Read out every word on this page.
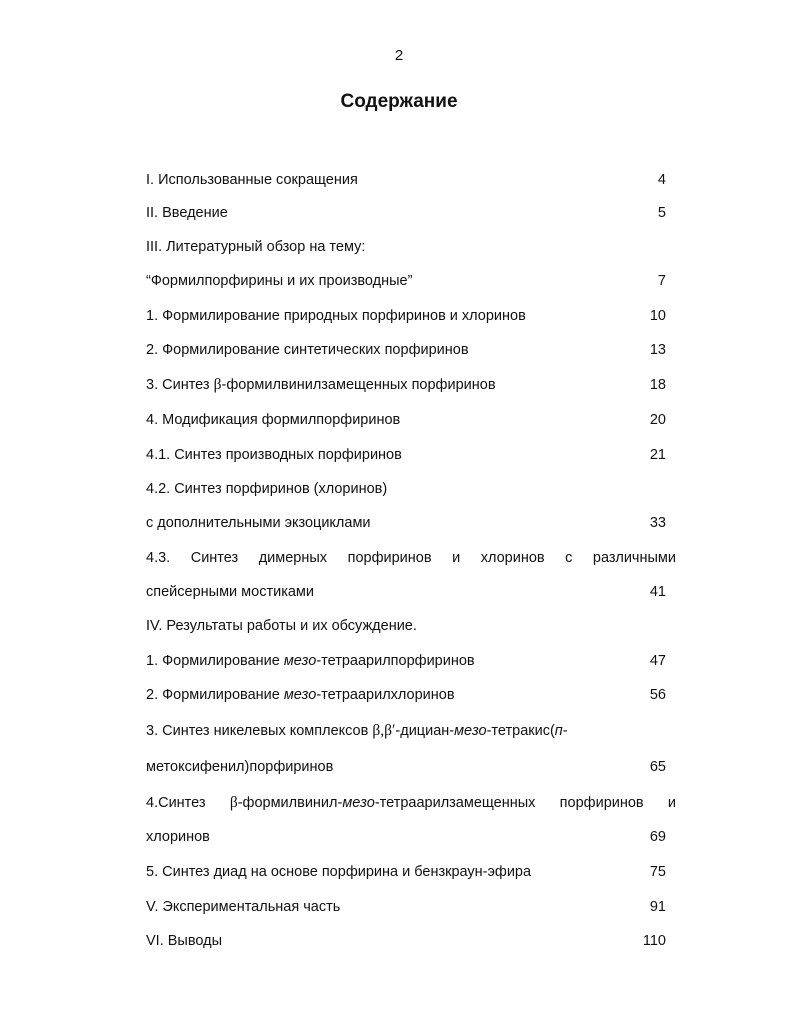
2
Содержание
I. Использованные сокращения	4
II. Введение	5
III. Литературный обзор на тему:
“Формилпорфирины и их производные”	7
1. Формилирование природных порфиринов и хлоринов	10
2. Формилирование синтетических порфиринов	13
3. Синтез β-формилвинилзамещенных порфиринов	18
4. Модификация формилпорфиринов	20
4.1. Синтез производных порфиринов	21
4.2. Синтез порфиринов (хлоринов)
с дополнительными экзоциклами	33
4.3. Синтез димерных порфиринов и хлоринов с различными
спейсерными мостиками	41
IV. Результаты работы и их обсуждение.
1. Формилирование мезо-тетраарилпорфиринов	47
2. Формилирование мезо-тетраарилхлоринов	56
3. Синтез никелевых комплексов β,β′-дициан-мезо-тетракис(п-
метоксифенил)порфиринов	65
4.Синтез β-формилвинил-мезо-тетраарилзамещенных порфиринов и
хлоринов	69
5. Синтез диад на основе порфирина и бензкраун-эфира	75
V. Экспериментальная часть	91
VI. Выводы	110
